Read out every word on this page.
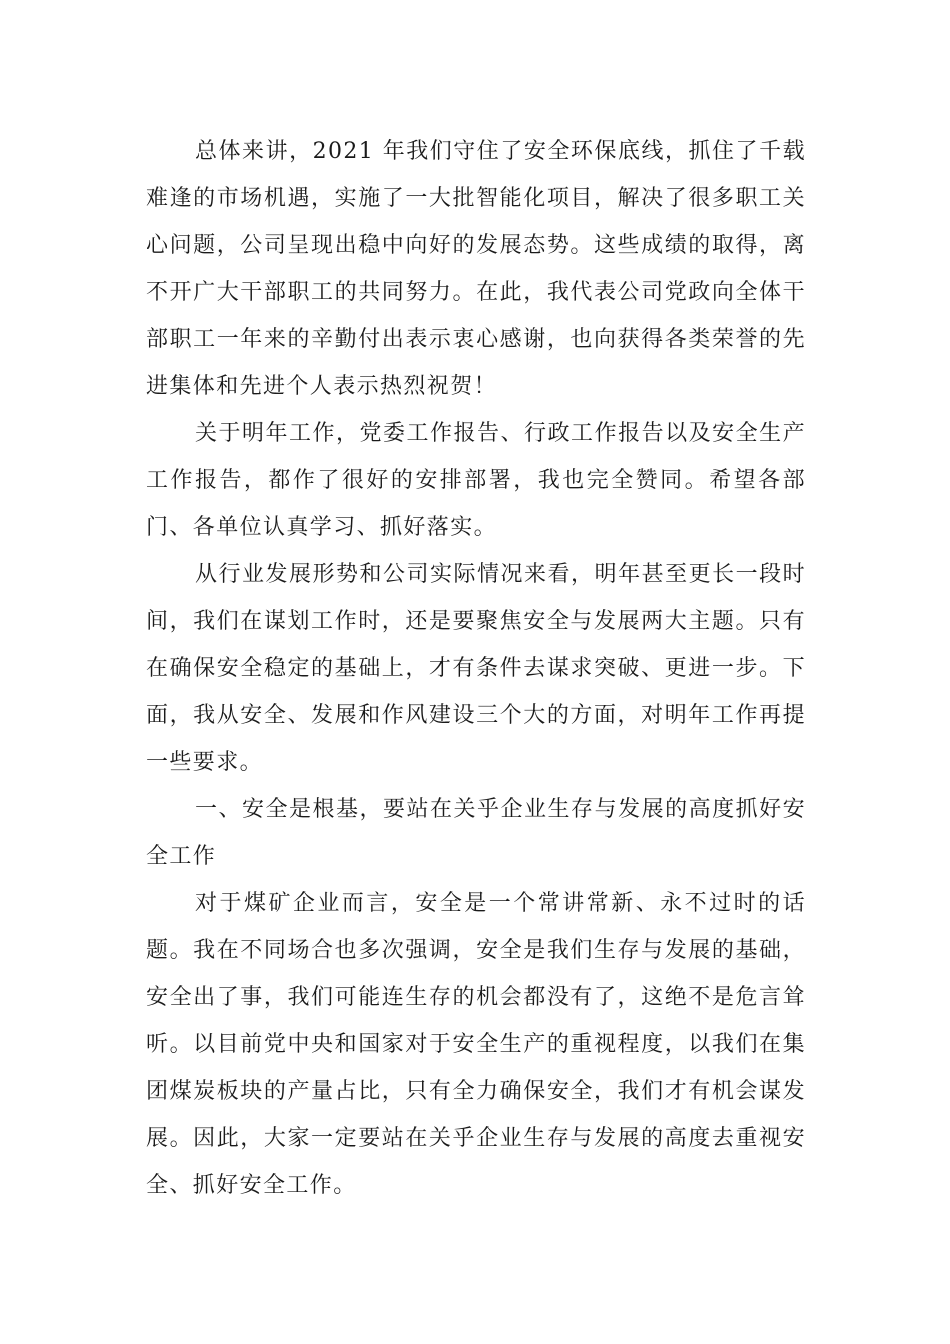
总体来讲，2021 年我们守住了安全环保底线，抓住了千载难逢的市场机遇，实施了一大批智能化项目，解决了很多职工关心问题，公司呈现出稳中向好的发展态势。这些成绩的取得，离不开广大干部职工的共同努力。在此，我代表公司党政向全体干部职工一年来的辛勤付出表示衷心感谢，也向获得各类荣誉的先进集体和先进个人表示热烈祝贺！

关于明年工作，党委工作报告、行政工作报告以及安全生产工作报告，都作了很好的安排部署，我也完全赞同。希望各部门、各单位认真学习、抓好落实。

从行业发展形势和公司实际情况来看，明年甚至更长一段时间，我们在谋划工作时，还是要聚焦安全与发展两大主题。只有在确保安全稳定的基础上，才有条件去谋求突破、更进一步。下面，我从安全、发展和作风建设三个大的方面，对明年工作再提一些要求。

一、安全是根基，要站在关乎企业生存与发展的高度抓好安全工作

对于煤矿企业而言，安全是一个常讲常新、永不过时的话题。我在不同场合也多次强调，安全是我们生存与发展的基础，安全出了事，我们可能连生存的机会都没有了，这绝不是危言耸听。以目前党中央和国家对于安全生产的重视程度，以我们在集团煤炭板块的产量占比，只有全力确保安全，我们才有机会谋发展。因此，大家一定要站在关乎企业生存与发展的高度去重视安全、抓好安全工作。
